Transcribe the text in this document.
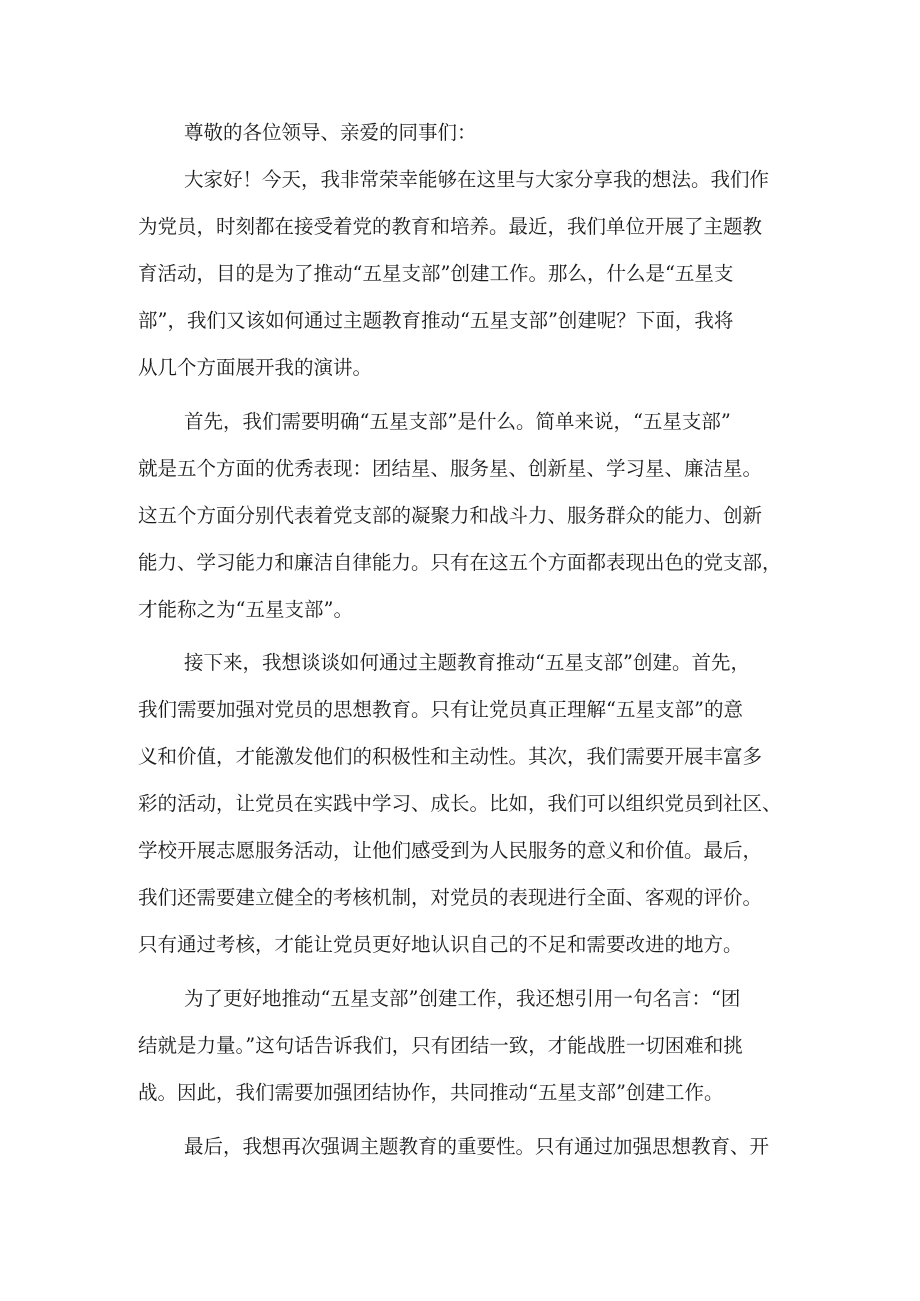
尊敬的各位领导、亲爱的同事们：
大家好！今天，我非常荣幸能够在这里与大家分享我的想法。我们作
为党员，时刻都在接受着党的教育和培养。最近，我们单位开展了主题教
育活动，目的是为了推动“五星支部”创建工作。那么，什么是“五星支
部”，我们又该如何通过主题教育推动“五星支部”创建呢？下面，我将
从几个方面展开我的演讲。
首先，我们需要明确“五星支部”是什么。简单来说，“五星支部”
就是五个方面的优秀表现：团结星、服务星、创新星、学习星、廉洁星。
这五个方面分别代表着党支部的凝聚力和战斗力、服务群众的能力、创新
能力、学习能力和廉洁自律能力。只有在这五个方面都表现出色的党支部，
才能称之为“五星支部”。
接下来，我想谈谈如何通过主题教育推动“五星支部”创建。首先，
我们需要加强对党员的思想教育。只有让党员真正理解“五星支部”的意
义和价值，才能激发他们的积极性和主动性。其次，我们需要开展丰富多
彩的活动，让党员在实践中学习、成长。比如，我们可以组织党员到社区、
学校开展志愿服务活动，让他们感受到为人民服务的意义和价值。最后，
我们还需要建立健全的考核机制，对党员的表现进行全面、客观的评价。
只有通过考核，才能让党员更好地认识自己的不足和需要改进的地方。
为了更好地推动“五星支部”创建工作，我还想引用一句名言：“团
结就是力量。”这句话告诉我们，只有团结一致，才能战胜一切困难和挑
战。因此，我们需要加强团结协作，共同推动“五星支部”创建工作。
最后，我想再次强调主题教育的重要性。只有通过加强思想教育、开
